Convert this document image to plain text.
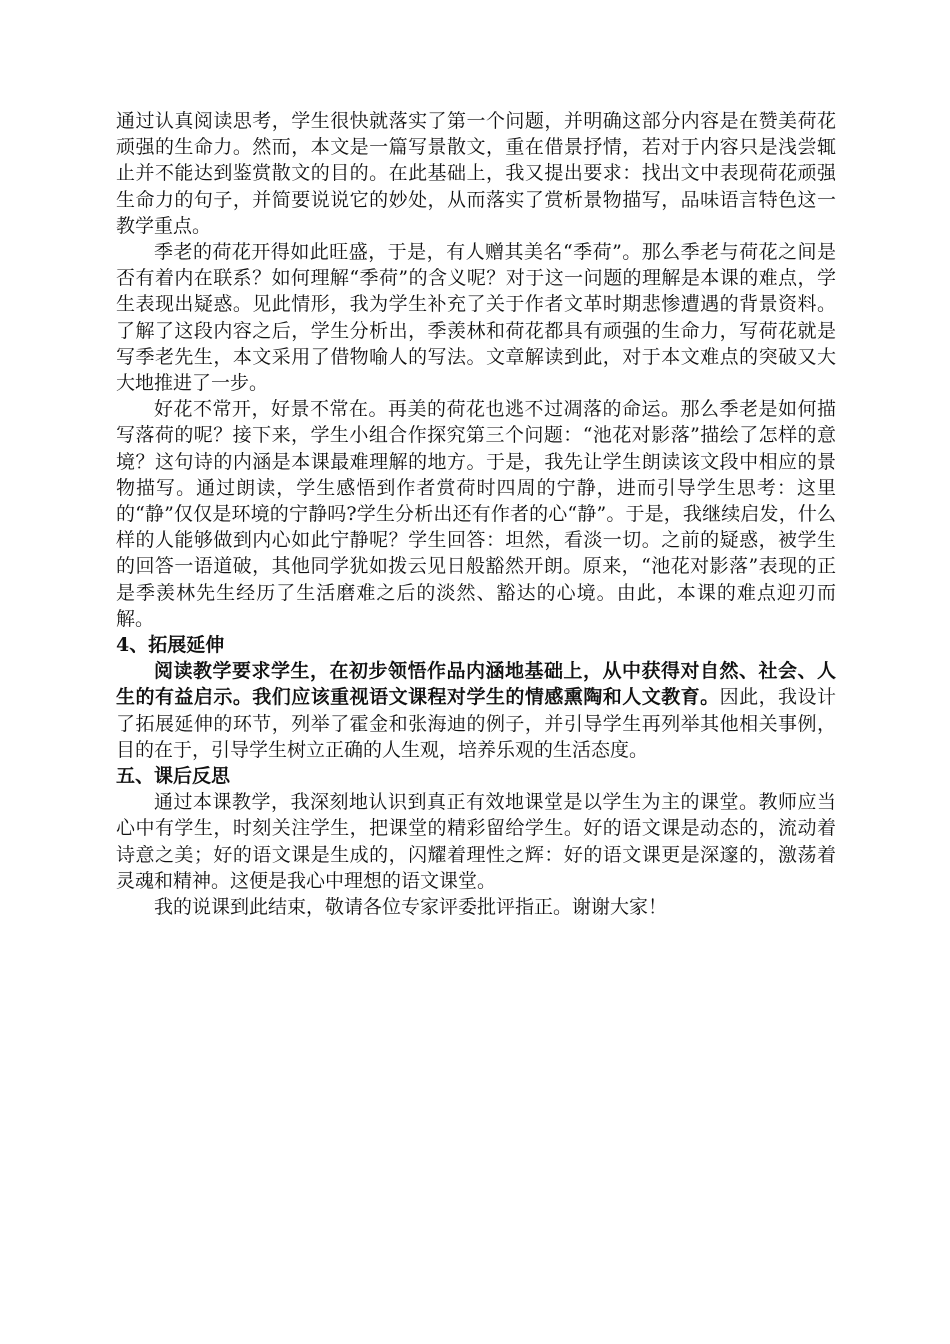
通过认真阅读思考，学生很快就落实了第一个问题，并明确这部分内容是在赞美荷花顽强的生命力。然而，本文是一篇写景散文，重在借景抒情，若对于内容只是浅尝辄止并不能达到鉴赏散文的目的。在此基础上，我又提出要求：找出文中表现荷花顽强生命力的句子，并简要说说它的妙处，从而落实了赏析景物描写，品味语言特色这一教学重点。

季老的荷花开得如此旺盛，于是，有人赠其美名“季荷”。那么季老与荷花之间是否有着内在联系？如何理解“季荷”的含义呢？对于这一问题的理解是本课的难点，学生表现出疑惑。见此情形，我为学生补充了关于作者文革时期悲惨遭遇的背景资料。了解了这段内容之后，学生分析出，季羡林和荷花都具有顽强的生命力，写荷花就是写季老先生，本文采用了借物喻人的写法。文章解读到此，对于本文难点的突破又大大地推进了一步。

好花不常开，好景不常在。再美的荷花也逃不过凋落的命运。那么季老是如何描写落荷的呢？接下来，学生小组合作探究第三个问题：“池花对影落”描绘了怎样的意境？这句诗的内涵是本课最难理解的地方。于是，我先让学生朗读该文段中相应的景物描写。通过朗读，学生感悟到作者赏荷时四周的宁静，进而引导学生思考：这里的“静”仅仅是环境的宁静吗?学生分析出还有作者的心“静”。于是，我继续启发，什么样的人能够做到内心如此宁静呢？学生回答：坦然，看淡一切。之前的疑惑，被学生的回答一语道破，其他同学犹如拨云见日般豁然开朗。原来，“池花对影落”表现的正是季羡林先生经历了生活磨难之后的淡然、豁达的心境。由此，本课的难点迎刃而解。

4、拓展延伸

阅读教学要求学生，在初步领悟作品内涵地基础上，从中获得对自然、社会、人生的有益启示。我们应该重视语文课程对学生的情感熏陶和人文教育。因此，我设计了拓展延伸的环节，列举了霍金和张海迪的例子，并引导学生再列举其他相关事例，目的在于，引导学生树立正确的人生观，培养乐观的生活态度。

五、课后反思

通过本课教学，我深刻地认识到真正有效地课堂是以学生为主的课堂。教师应当心中有学生，时刻关注学生，把课堂的精彩留给学生。好的语文课是动态的，流动着诗意之美；好的语文课是生成的，闪耀着理性之辉：好的语文课更是深邃的，激荡着灵魂和精神。这便是我心中理想的语文课堂。

我的说课到此结束，敬请各位专家评委批评指正。谢谢大家！
